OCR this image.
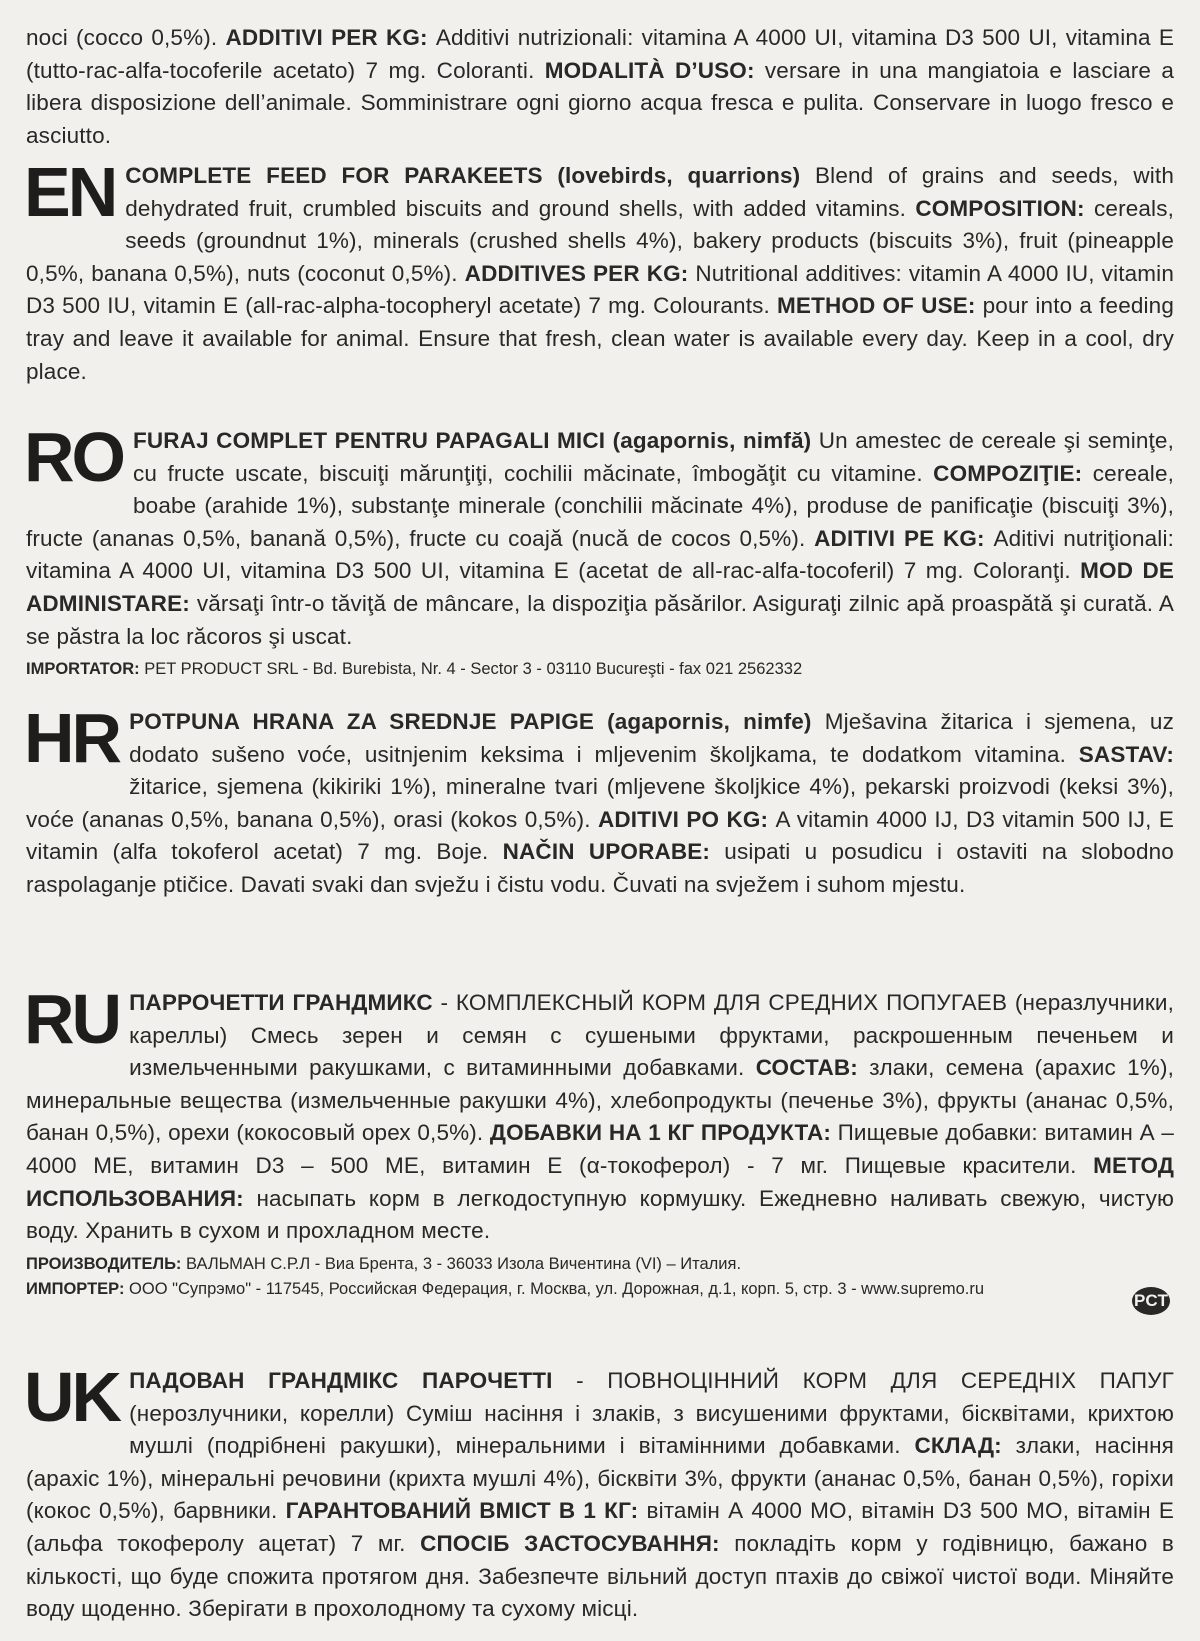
noci (cocco 0,5%). ADDITIVI PER KG: Additivi nutrizionali: vitamina A 4000 UI, vitamina D3 500 UI, vitamina E (tutto-rac-alfa-tocoferile acetato) 7 mg. Coloranti. MODALITÀ D’USO: versare in una mangiatoia e lasciare a libera disposizione dell’animale. Somministrare ogni giorno acqua fresca e pulita. Conservare in luogo fresco e asciutto.
EN COMPLETE FEED FOR PARAKEETS (lovebirds, quarrions) Blend of grains and seeds, with dehydrated fruit, crumbled biscuits and ground shells, with added vitamins. COMPOSITION: cereals, seeds (groundnut 1%), minerals (crushed shells 4%), bakery products (biscuits 3%), fruit (pineapple 0,5%, banana 0,5%), nuts (coconut 0,5%). ADDITIVES PER KG: Nutritional additives: vitamin A 4000 IU, vitamin D3 500 IU, vitamin E (all-rac-alpha-tocopheryl acetate) 7 mg. Colourants. METHOD OF USE: pour into a feeding tray and leave it available for animal. Ensure that fresh, clean water is available every day. Keep in a cool, dry place.
RO FURAJ COMPLET PENTRU PAPAGALI MICI (agapornis, nimfă) Un amestec de cereale şi seminţe, cu fructe uscate, biscuiţi mărunţiţi, cochilii măcinate, îmbogăţit cu vitamine. COMPOZIŢIE: cereale, boabe (arahide 1%), substanţe minerale (conchilii măcinate 4%), produse de panificaţie (biscuiţi 3%), fructe (ananas 0,5%, banană 0,5%), fructe cu coajă (nucă de cocos 0,5%). ADITIVI PE KG: Aditivi nutriţionali: vitamina A 4000 UI, vitamina D3 500 UI, vitamina E (acetat de all-rac-alfa-tocoferil) 7 mg. Coloranţi. MOD DE ADMINISTARE: vărsaţi într-o tăviţă de mâncare, la dispoziţia păsărilor. Asiguraţi zilnic apă proaspătă şi curată. A se păstra la loc răcoros şi uscat.
IMPORTATOR: PET PRODUCT SRL - Bd. Burebista, Nr. 4 - Sector 3 - 03110 Bucureşti - fax 021 2562332
HR POTPUNA HRANA ZA SREDNJE PAPIGE (agapornis, nimfe) Mješavina žitarica i sjemena, uz dodato sušeno voće, usitnjenim keksima i mljevenim školjkama, te dodatkom vitamina. SASTAV: žitarice, sjemena (kikiriki 1%), mineralne tvari (mljevene školjkice 4%), pekarski proizvodi (keksi 3%), voće (ananas 0,5%, banana 0,5%), orasi (kokos 0,5%). ADITIVI PO KG: A vitamin 4000 IJ, D3 vitamin 500 IJ, E vitamin (alfa tokoferol acetat) 7 mg. Boje. NAČIN UPORABE: usipati u posudicu i ostaviti na slobodno raspolaganje ptičice. Davati svaki dan svježu i čistu vodu. Čuvati na svježem i suhom mjestu.
RU ПАРРОЧЕТТИ ГРАНДМИКС - КОМПЛЕКСНЫЙ КОРМ ДЛЯ СРЕДНИХ ПОПУГАЕВ (неразлучники, кареллы) Смесь зерен и семян с сушеными фруктами, раскрошенным печеньем и измельченными ракушками, с витаминными добавками. СОСТАВ: злаки, семена (арахис 1%), минеральные вещества (измельченные ракушки 4%), хлебопродукты (печенье 3%), фрукты (ананас 0,5%, банан 0,5%), орехи (кокосовый орех 0,5%). ДОБАВКИ НА 1 КГ ПРОДУКТА: Пищевые добавки: витамин А – 4000 МЕ, витамин D3 – 500 МЕ, витамин Е (α-токоферол) - 7 мг. Пищевые красители. МЕТОД ИСПОЛЬЗОВАНИЯ: насыпать корм в легкодоступную кормушку. Ежедневно наливать свежую, чистую воду. Хранить в сухом и прохладном месте.
ПРОИЗВОДИТЕЛЬ: ВАЛЬМАН С.Р.Л - Виа Брента, 3 - 36033 Изола Вичентина (VI) – Италия.
ИМПОРТЕР: ООО "Супрэмо" - 117545, Российская Федерация, г. Москва, ул. Дорожная, д.1, корп. 5, стр. 3 - www.supremo.ru
PCT
UK ПАДОВАН ГРАНДМІКС ПАРОЧЕТТІ - ПОВНОЦІННИЙ КОРМ ДЛЯ СЕРЕДНІХ ПАПУГ (нерозлучники, корелли) Суміш насіння і злаків, з висушеними фруктами, бісквітами, крихтою мушлі (подрібнені ракушки), мінеральними і вітамінними добавками. СКЛАД: злаки, насіння (арахіс 1%), мінеральні речовини (крихта мушлі 4%), бісквіти 3%, фрукти (ананас 0,5%, банан 0,5%), горіхи (кокос 0,5%), барвники. ГАРАНТОВАНИЙ ВМІСТ В 1 КГ: вітамін А 4000 МО, вітамін D3 500 МО, вітамін Е (альфа токоферолу ацетат) 7 мг. СПОСІБ ЗАСТОСУВАННЯ: покладіть корм у годівницю, бажано в кількості, що буде спожита протягом дня. Забезпечте вільний доступ птахів до свіжої чистої води. Міняйте воду щоденно. Зберігати в прохолодному та сухому місці.
